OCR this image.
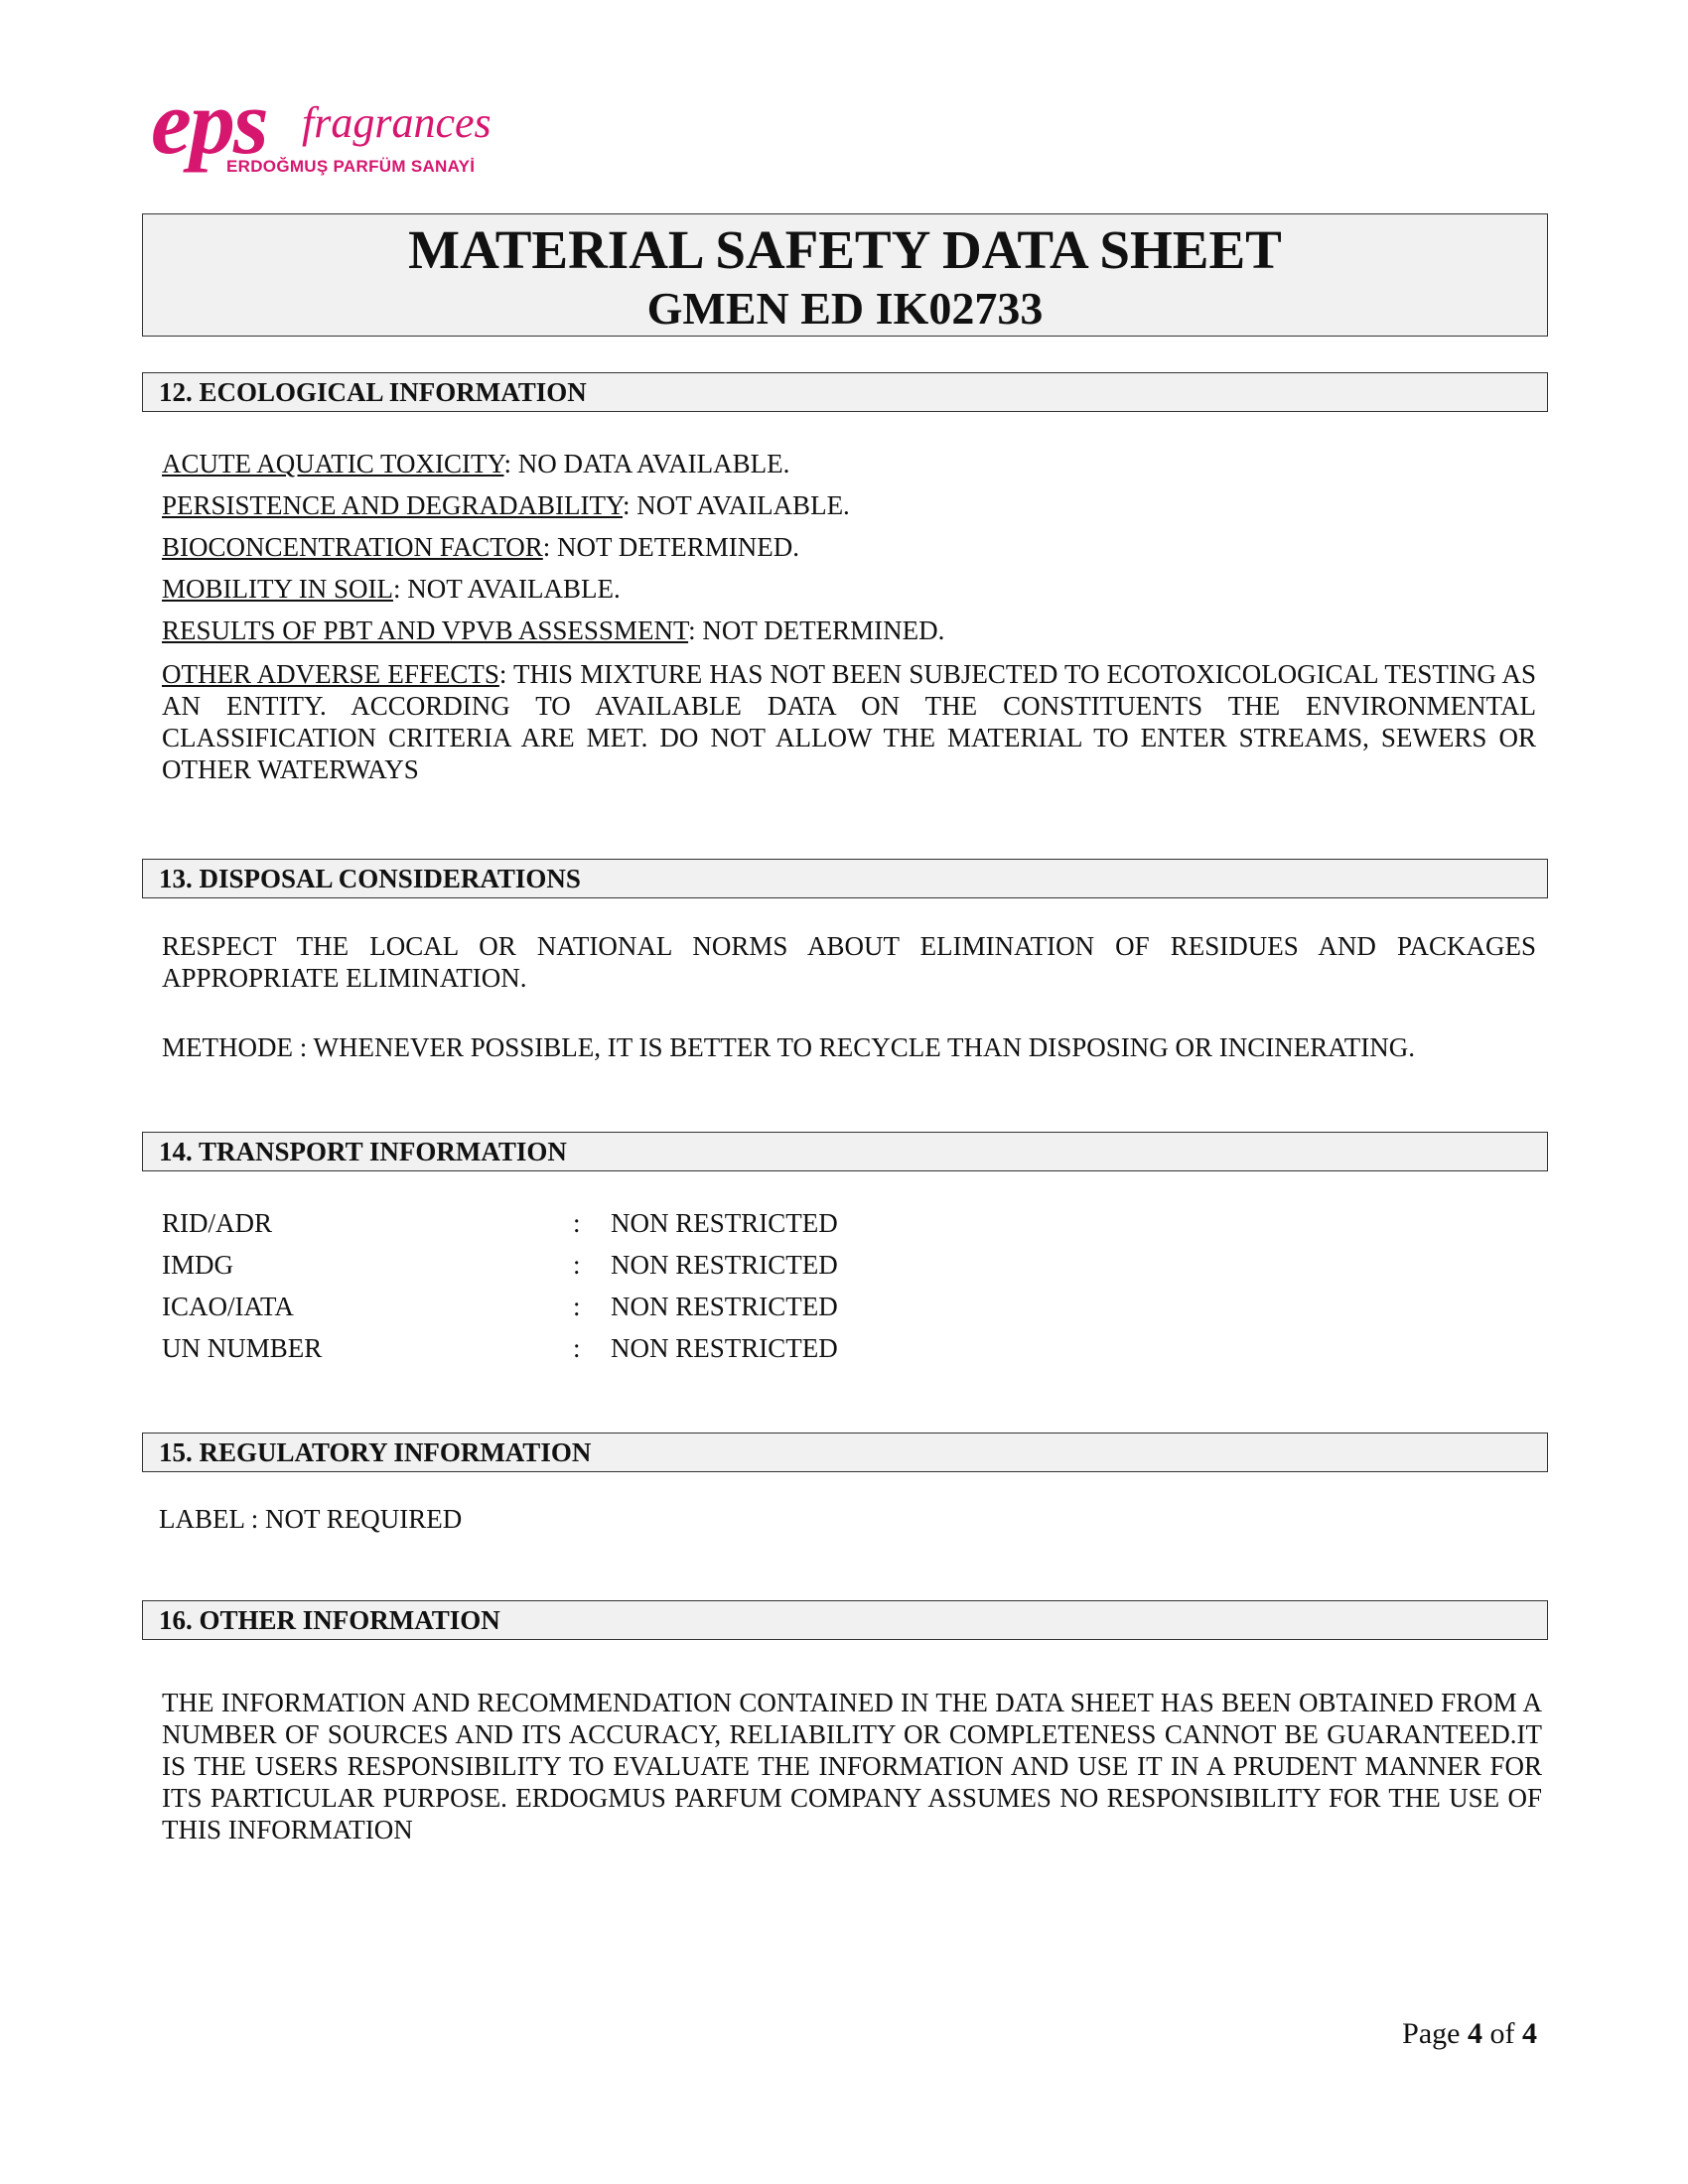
eps fragrances
ERDOĞMUŞ PARFÜM SANAYİ
MATERIAL SAFETY DATA SHEET
GMEN ED IK02733
12. ECOLOGICAL INFORMATION
ACUTE AQUATIC TOXICITY: NO DATA AVAILABLE.
PERSISTENCE AND DEGRADABILITY: NOT AVAILABLE.
BIOCONCENTRATION FACTOR: NOT DETERMINED.
MOBILITY IN SOIL: NOT AVAILABLE.
RESULTS OF PBT AND VPVB ASSESSMENT: NOT DETERMINED.
OTHER ADVERSE EFFECTS: THIS MIXTURE HAS NOT BEEN SUBJECTED TO ECOTOXICOLOGICAL TESTING AS AN ENTITY. ACCORDING TO AVAILABLE DATA ON THE CONSTITUENTS THE ENVIRONMENTAL CLASSIFICATION CRITERIA ARE MET. DO NOT ALLOW THE MATERIAL TO ENTER STREAMS, SEWERS OR OTHER WATERWAYS
13. DISPOSAL CONSIDERATIONS
RESPECT THE LOCAL OR NATIONAL NORMS ABOUT ELIMINATION OF RESIDUES AND PACKAGES APPROPRIATE ELIMINATION.
METHODE : WHENEVER POSSIBLE, IT IS BETTER TO RECYCLE THAN DISPOSING OR INCINERATING.
14. TRANSPORT INFORMATION
RID/ADR	: NON RESTRICTED
IMDG	: NON RESTRICTED
ICAO/IATA	: NON RESTRICTED
UN NUMBER	: NON RESTRICTED
15. REGULATORY INFORMATION
LABEL : NOT REQUIRED
16. OTHER INFORMATION
THE INFORMATION AND RECOMMENDATION CONTAINED IN THE DATA SHEET HAS BEEN OBTAINED FROM A NUMBER OF SOURCES AND ITS ACCURACY, RELIABILITY OR COMPLETENESS CANNOT BE GUARANTEED.IT IS THE USERS RESPONSIBILITY TO EVALUATE THE INFORMATION AND USE IT IN A PRUDENT MANNER FOR ITS PARTICULAR PURPOSE. ERDOGMUS PARFUM COMPANY ASSUMES NO RESPONSIBILITY FOR THE USE OF THIS INFORMATION
Page 4 of 4
